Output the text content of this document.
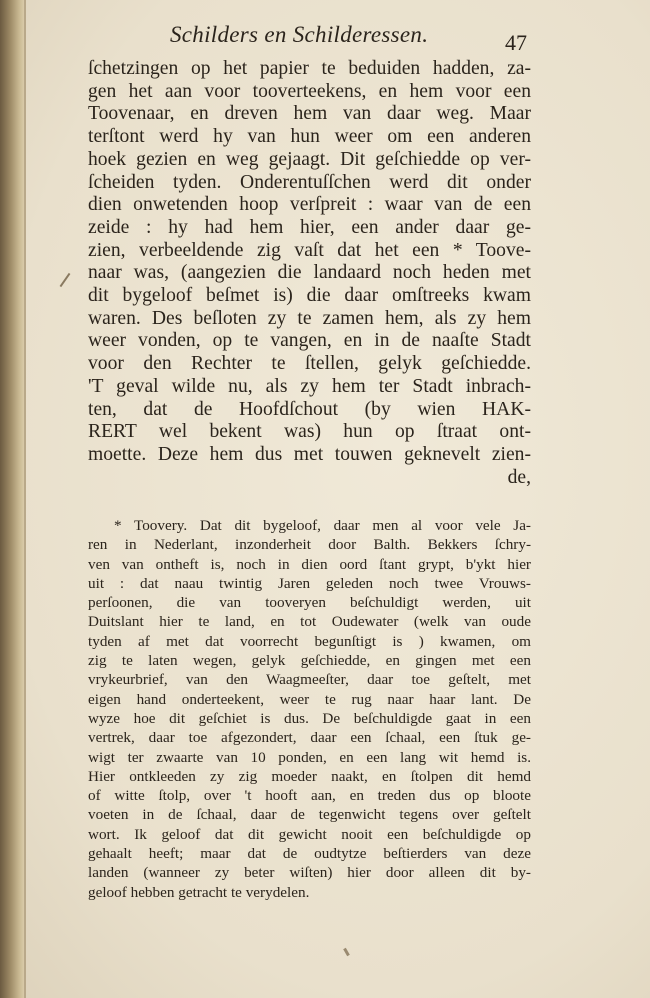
Schilders en Schilderessen.	47
ſchetzingen op het papier te beduiden hadden, za-
gen het aan voor tooverteekens, en hem voor een
Toovenaar, en dreven hem van daar weg. Maar
terſtont werd hy van hun weer om een anderen
hoek gezien en weg gejaagt. Dit geſchiedde op ver-
ſcheiden tyden. Onderentuſſchen werd dit onder
dien onwetenden hoop verſpreit : waar van de een
zeide : hy had hem hier, een ander daar ge-
zien, verbeeldende zig vaſt dat het een * Toove-
naar was, (aangezien die landaard noch heden met
dit bygeloof beſmet is) die daar omſtreeks kwam
waren. Des beſloten zy te zamen hem, als zy hem
weer vonden, op te vangen, en in de naaſte Stadt
voor den Rechter te ſtellen, gelyk geſchiedde.
'T geval wilde nu, als zy hem ter Stadt inbrach-
ten, dat de Hoofdſchout (by wien HAK-
RERT wel bekent was) hun op ſtraat ont-
moette. Deze hem dus met touwen geknevelt zien-
de,
* Toovery. Dat dit bygeloof, daar men al voor vele Ja-
ren in Nederlant, inzonderheit door Balth. Bekkers ſchry-
ven van ontheft is, noch in dien oord ſtant grypt, b'ykt hier
uit : dat naau twintig Jaren geleden noch twee Vrouws-
perſoonen, die van tooveryen beſchuldigt werden, uit
Duitslant hier te land, en tot Oudewater (welk van oude
tyden af met dat voorrecht begunſtigt is ) kwamen, om
zig te laten wegen, gelyk geſchiedde, en gingen met een
vrykeurbrief, van den Waagmeeſter, daar toe geſtelt, met
eigen hand onderteekent, weer te rug naar haar lant. De
wyze hoe dit geſchiet is dus. De beſchuldigde gaat in een
vertrek, daar toe afgezondert, daar een ſchaal, een ſtuk ge-
wigt ter zwaarte van 10 ponden, en een lang wit hemd is.
Hier ontkleeden zy zig moeder naakt, en ſtolpen dit hemd
of witte ſtolp, over 't hooft aan, en treden dus op bloote
voeten in de ſchaal, daar de tegenwicht tegens over geſtelt
wort. Ik geloof dat dit gewicht nooit een beſchuldigde op
gehaalt heeft; maar dat de oudtytze beſtierders van deze
landen (wanneer zy beter wiſten) hier door alleen dit by-
geloof hebben getracht te verydelen.
